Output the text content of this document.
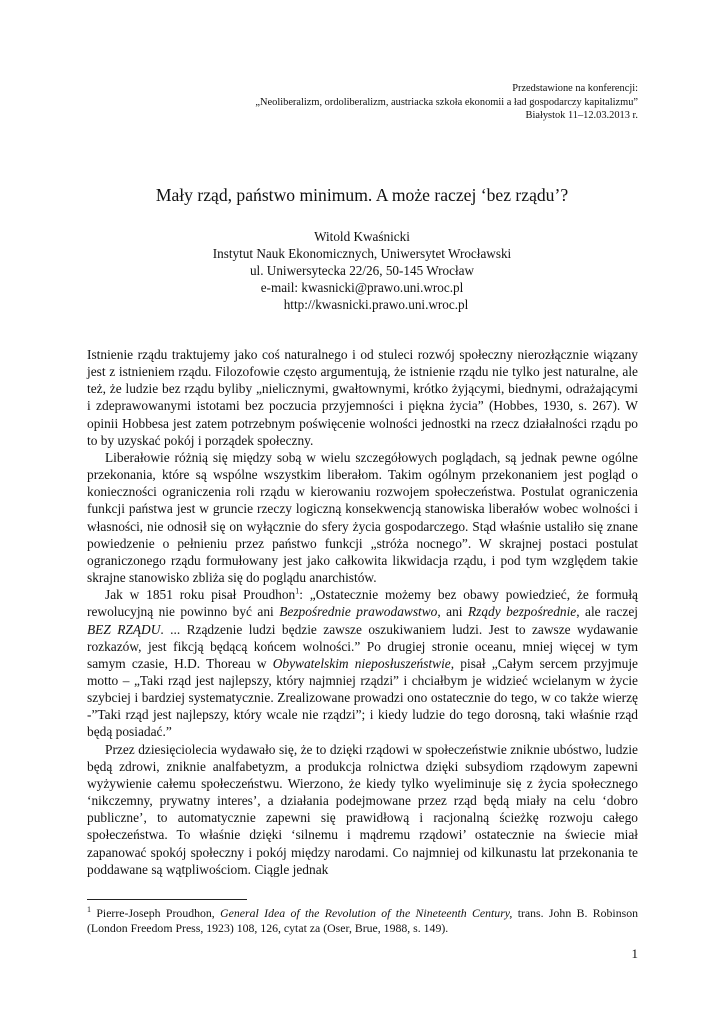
Przedstawione na konferencji:
„Neoliberalizm, ordoliberalizm, austriacka szkoła ekonomii a ład gospodarczy kapitalizmu”
Białystok 11–12.03.2013 r.
Mały rząd, państwo minimum. A może raczej ‘bez rządu’?
Witold Kwaśnicki
Instytut Nauk Ekonomicznych, Uniwersytet Wrocławski
ul. Uniwersytecka 22/26, 50-145 Wrocław
e-mail: kwasnicki@prawo.uni.wroc.pl
http://kwasnicki.prawo.uni.wroc.pl

Istnienie rządu traktujemy jako coś naturalnego i od stuleci rozwój społeczny nierozłącznie wiązany jest z istnieniem rządu. Filozofowie często argumentują, że istnienie rządu nie tylko jest naturalne, ale też, że ludzie bez rządu byliby „nielicznymi, gwałtownymi, krótko żyjącymi, biednymi, odrażającymi i zdeprawowanymi istotami bez poczucia przyjemności i piękna życia” (Hobbes, 1930, s. 267). W opinii Hobbesa jest zatem potrzebnym poświęcenie wolności jednostki na rzecz działalności rządu po to by uzyskać pokój i porządek społeczny.

Liberałowie różnią się między sobą w wielu szczegółowych poglądach, są jednak pewne ogólne przekonania, które są wspólne wszystkim liberałom. Takim ogólnym przekonaniem jest pogląd o konieczności ograniczenia roli rządu w kierowaniu rozwojem społeczeństwa. Postulat ograniczenia funkcji państwa jest w gruncie rzeczy logiczną konsekwencją stanowiska liberałów wobec wolności i własności, nie odnosił się on wyłącznie do sfery życia gospodarczego. Stąd właśnie ustaliło się znane powiedzenie o pełnieniu przez państwo funkcji „stróża nocnego”. W skrajnej postaci postulat ograniczonego rządu formułowany jest jako całkowita likwidacja rządu, i pod tym względem takie skrajne stanowisko zbliża się do poglądu anarchistów.

Jak w 1851 roku pisał Proudhon$^1$: „Ostatecznie możemy bez obawy powiedzieć, że formułą rewolucyjną nie powinno być ani Bezpośrednie prawodawstwo, ani Rządy bezpośrednie, ale raczej BEZ RZĄDU. ... Rządzenie ludzi będzie zawsze oszukiwaniem ludzi. Jest to zawsze wydawanie rozkazów, jest fikcją będącą końcem wolności.” Po drugiej stronie oceanu, mniej więcej w tym samym czasie, H.D. Thoreau w Obywatelskim nieposłuszeństwie, pisał „Całym sercem przyjmuje motto – „Taki rząd jest najlepszy, który najmniej rządzi” i chciałbym je widzieć wcielanym w życie szybciej i bardziej systematycznie. Zrealizowane prowadzi ono ostatecznie do tego, w co także wierzę -”Taki rząd jest najlepszy, który wcale nie rządzi”; i kiedy ludzie do tego dorosną, taki właśnie rząd będą posiadać.”

Przez dziesięciolecia wydawało się, że to dzięki rządowi w społeczeństwie zniknie ubóstwo, ludzie będą zdrowi, zniknie analfabetyzm, a produkcja rolnictwa dzięki subsydiom rządowym zapewni wyżywienie całemu społeczeństwu. Wierzono, że kiedy tylko wyeliminuje się z życia społecznego ‘nikczemny, prywatny interes’, a działania podejmowane przez rząd będą miały na celu ‘dobro publiczne’, to automatycznie zapewni się prawidłową i racjonalną ścieżkę rozwoju całego społeczeństwa. To właśnie dzięki ‘silnemu i mądremu rządowi’ ostatecznie na świecie miał zapanować spokój społeczny i pokój między narodami. Co najmniej od kilkunastu lat przekonania te poddawane są wątpliwościom. Ciągle jednak

$^1$ Pierre-Joseph Proudhon, General Idea of the Revolution of the Nineteenth Century, trans. John B. Robinson (London Freedom Press, 1923) 108, 126, cytat za (Oser, Brue, 1988, s. 149).

1
